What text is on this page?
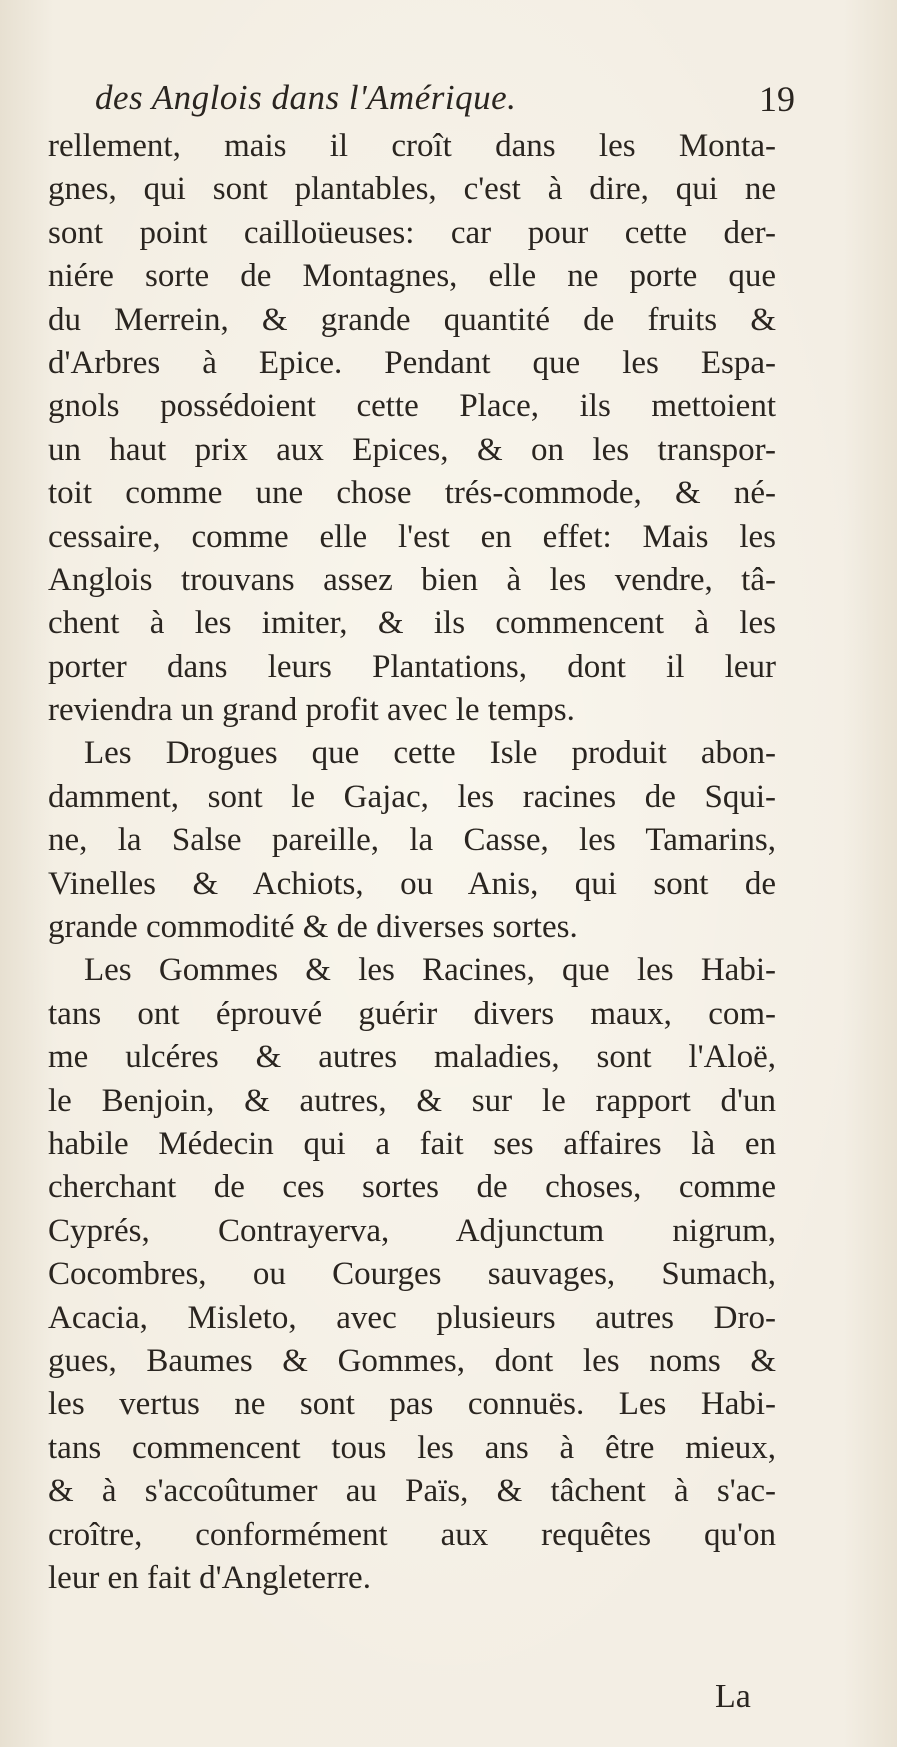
des Anglois dans l'Amérique.	19
rellement, mais il croît dans les Monta-
gnes, qui sont plantables, c'est à dire, qui ne
sont point cailloüeuses: car pour cette der-
niére sorte de Montagnes, elle ne porte que
du Merrein, & grande quantité de fruits &
d'Arbres à Epice. Pendant que les Espa-
gnols possédoient cette Place, ils mettoient
un haut prix aux Epices, & on les transpor-
toit comme une chose trés-commode, & né-
cessaire, comme elle l'est en effet: Mais les
Anglois trouvans assez bien à les vendre, tâ-
chent à les imiter, & ils commencent à les
porter dans leurs Plantations, dont il leur
reviendra un grand profit avec le temps.
Les Drogues que cette Isle produit abon-
damment, sont le Gajac, les racines de Squi-
ne, la Salse pareille, la Casse, les Tamarins,
Vinelles & Achiots, ou Anis, qui sont de
grande commodité & de diverses sortes.
Les Gommes & les Racines, que les Habi-
tans ont éprouvé guérir divers maux, com-
me ulcéres & autres maladies, sont l'Aloë,
le Benjoin, & autres, & sur le rapport d'un
habile Médecin qui a fait ses affaires là en
cherchant de ces sortes de choses, comme
Cyprés, Contrayerva, Adjunctum nigrum,
Cocombres, ou Courges sauvages, Sumach,
Acacia, Misleto, avec plusieurs autres Dro-
gues, Baumes & Gommes, dont les noms &
les vertus ne sont pas connuës. Les Habi-
tans commencent tous les ans à être mieux,
& à s'accoûtumer au Païs, & tâchent à s'ac-
croître, conformément aux requêtes qu'on
leur en fait d'Angleterre.
La
